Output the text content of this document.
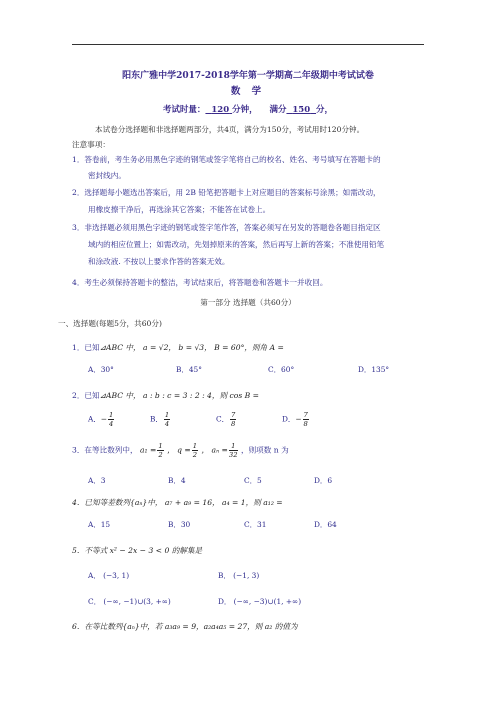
阳东广雅中学2017-2018学年第一学期高二年级期中考试试卷
数 学
考试时量： 120 分钟， 满分 150 分，
本试卷分选择题和非选择题两部分，共4页，满分为150分，考试用时120分钟。
注意事项：
1．答卷前，考生务必用黑色字迹的钢笔或签字笔将自己的校名、姓名、考号填写在答题卡的
密封线内。
2．选择题每小题选出答案后，用 2B 铅笔把答题卡上对应题目的答案标号涂黑；如需改动，
用橡皮擦干净后，再选涂其它答案；不能答在试卷上。
3．非选择题必须用黑色字迹的钢笔或签字笔作答，答案必须写在另发的答题卷各题目指定区
域内的相应位置上；如需改动，先划掉原来的答案，然后再写上新的答案；不准使用铅笔
和涂改液. 不按以上要求作答的答案无效。
4．考生必须保持答题卡的整洁，考试结束后，将答题卷和答题卡一并收回。
第一部分 选择题（共60分）
一、选择题(每题5分，共60分)
1．已知⊿ABC 中， a = √2， b = √3， B = 60°，则角 A =
A．30°	B．45°	C．60°	D．135°
2．已知⊿ABC 中， a : b : c = 3 : 2 : 4，则 cos B =
A．− $\frac{1}{4}$	B． $\frac{1}{4}$	C． $\frac{7}{8}$	D．− $\frac{7}{8}$
3．在等比数列中， $a_1 = \frac{1}{2}$ ， $q = \frac{1}{2}$ ， $a_n = \frac{1}{32}$ ，则项数 n 为
A．3	B．4	C．5	D．6
4．已知等差数列{aₙ}中， a₇ + a₉ = 16， a₄ = 1，则 a₁₂ =
A．15	B．30	C．31	D．64
5．不等式 x² − 2x − 3 < 0 的解集是
A． (−3, 1)	B． (−1, 3)
C． (−∞, −1)∪(3, +∞)	D． (−∞, −3)∪(1, +∞)
6．在等比数列{aₙ}中，若 a₃a₉ = 9，a₂a₄a₅ = 27，则 a₂ 的值为
